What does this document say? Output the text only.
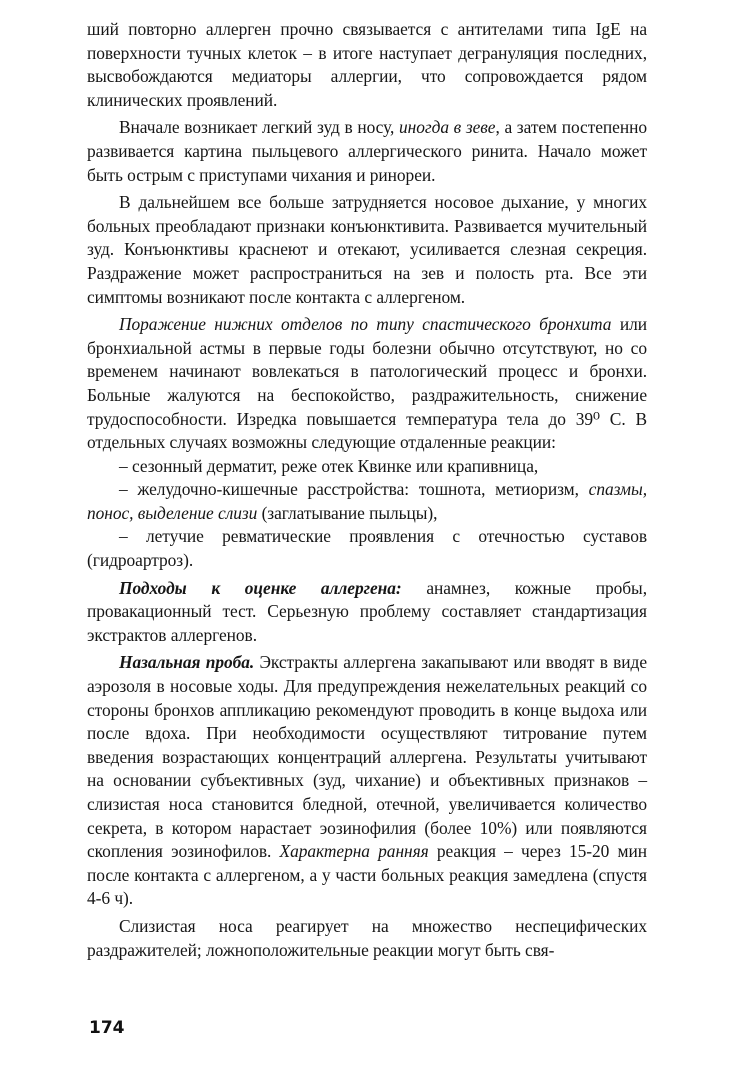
ший повторно аллерген прочно связывается с антителами типа IgE на поверхности тучных клеток – в итоге наступает дегрануляция последних, высвобождаются медиаторы аллергии, что сопровождается рядом клинических проявлений.

Вначале возникает легкий зуд в носу, иногда в зеве, а затем постепенно развивается картина пыльцевого аллергического ринита. Начало может быть острым с приступами чихания и ринореи.

В дальнейшем все больше затрудняется носовое дыхание, у многих больных преобладают признаки конъюнктивита. Развивается мучительный зуд. Конъюнктивы краснеют и отекают, усиливается слезная секреция. Раздражение может распространиться на зев и полость рта. Все эти симптомы возникают после контакта с аллергеном.

Поражение нижних отделов по типу спастического бронхита или бронхиальной астмы в первые годы болезни обычно отсутствуют, но со временем начинают вовлекаться в патологический процесс и бронхи. Больные жалуются на беспокойство, раздражительность, снижение трудоспособности. Изредка повышается температура тела до 39⁰ С. В отдельных случаях возможны следующие отдаленные реакции:

– сезонный дерматит, реже отек Квинке или крапивница,

– желудочно-кишечные расстройства: тошнота, метиоризм, спазмы, понос, выделение слизи (заглатывание пыльцы),

– летучие ревматические проявления с отечностью суставов (гидроартроз).

Подходы к оценке аллергена: анамнез, кожные пробы, провакационный тест. Серьезную проблему составляет стандартизация экстрактов аллергенов.

Назальная проба. Экстракты аллергена закапывают или вводят в виде аэрозоля в носовые ходы. Для предупреждения нежелательных реакций со стороны бронхов аппликацию рекомендуют проводить в конце выдоха или после вдоха. При необходимости осуществляют титрование путем введения возрастающих концентраций аллергена. Результаты учитывают на основании субъективных (зуд, чихание) и объективных признаков – слизистая носа становится бледной, отечной, увеличивается количество секрета, в котором нарастает эозинофилия (более 10%) или появляются скопления эозинофилов. Характерна ранняя реакция – через 15-20 мин после контакта с аллергеном, а у части больных реакция замедлена (спустя 4-6 ч).

Слизистая носа реагирует на множество неспецифических раздражителей; ложноположительные реакции могут быть свя-

174
